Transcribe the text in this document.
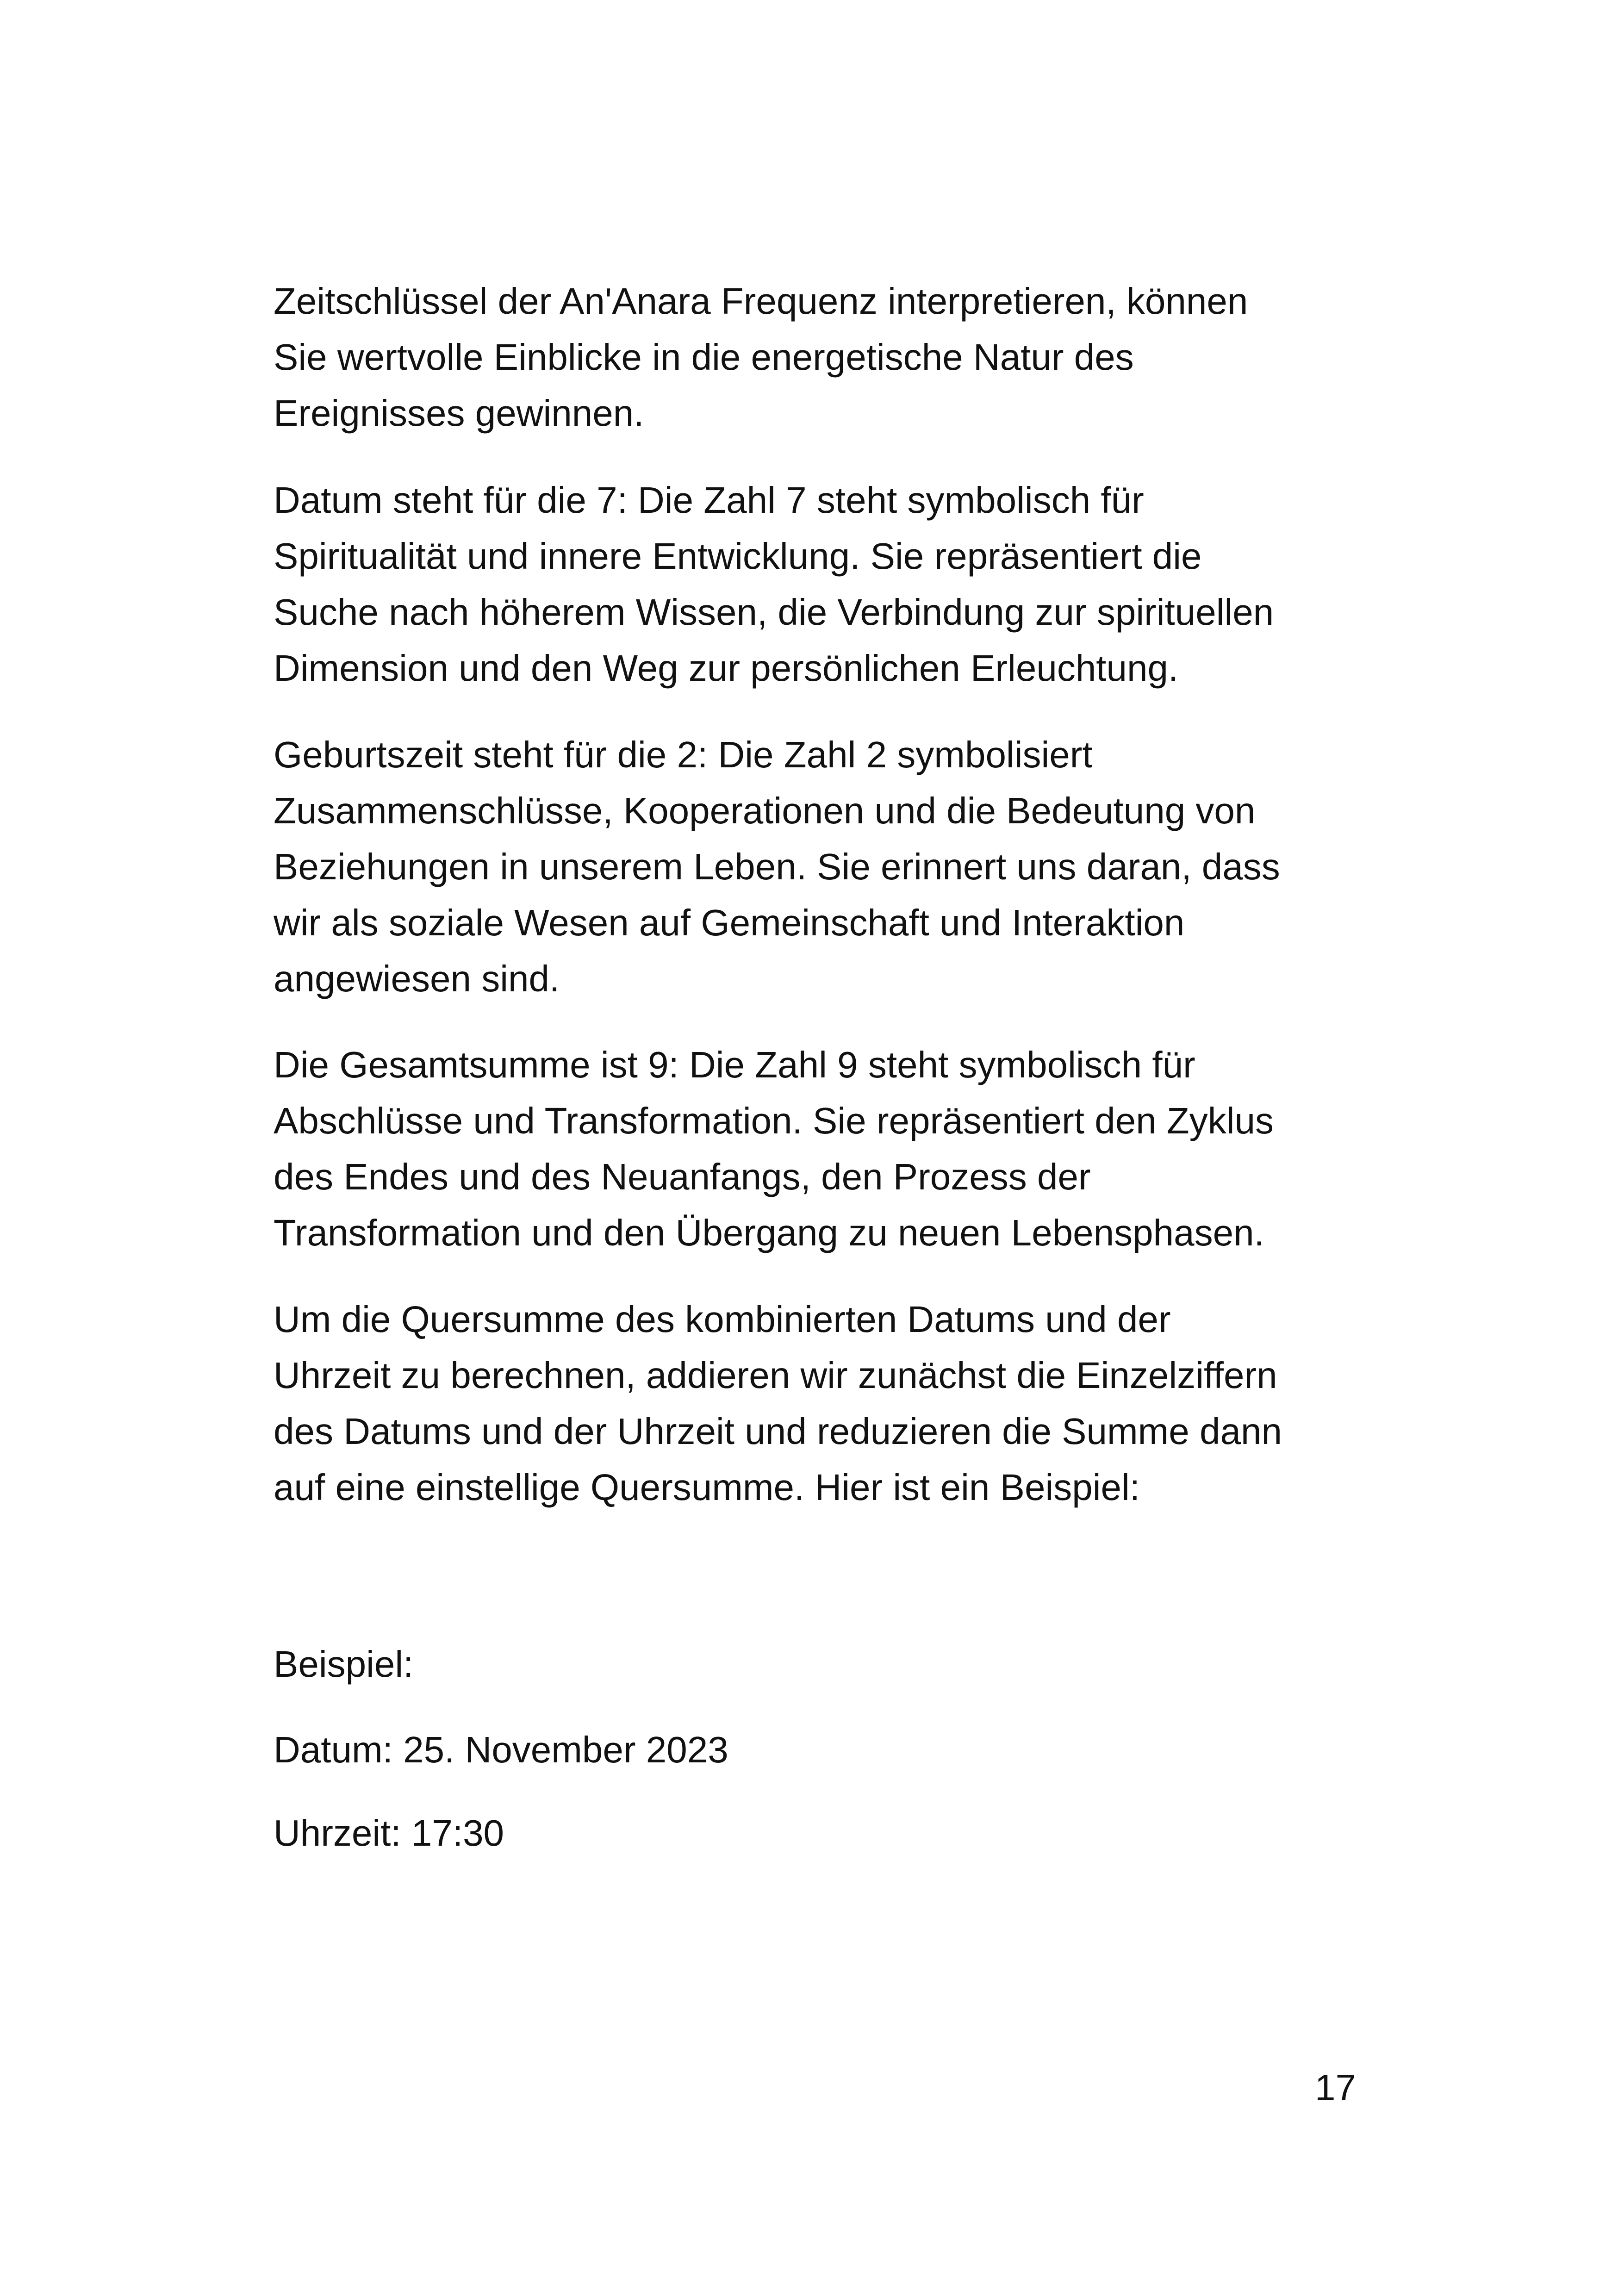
Zeitschlüssel der An'Anara Frequenz interpretieren, können
Sie wertvolle Einblicke in die energetische Natur des
Ereignisses gewinnen.

Datum steht für die 7: Die Zahl 7 steht symbolisch für
Spiritualität und innere Entwicklung. Sie repräsentiert die
Suche nach höherem Wissen, die Verbindung zur spirituellen
Dimension und den Weg zur persönlichen Erleuchtung.

Geburtszeit steht für die 2: Die Zahl 2 symbolisiert
Zusammenschlüsse, Kooperationen und die Bedeutung von
Beziehungen in unserem Leben. Sie erinnert uns daran, dass
wir als soziale Wesen auf Gemeinschaft und Interaktion
angewiesen sind.

Die Gesamtsumme ist 9: Die Zahl 9 steht symbolisch für
Abschlüsse und Transformation. Sie repräsentiert den Zyklus
des Endes und des Neuanfangs, den Prozess der
Transformation und den Übergang zu neuen Lebensphasen.

Um die Quersumme des kombinierten Datums und der
Uhrzeit zu berechnen, addieren wir zunächst die Einzelziffern
des Datums und der Uhrzeit und reduzieren die Summe dann
auf eine einstellige Quersumme. Hier ist ein Beispiel:

Beispiel:

Datum: 25. November 2023

Uhrzeit: 17:30

17
